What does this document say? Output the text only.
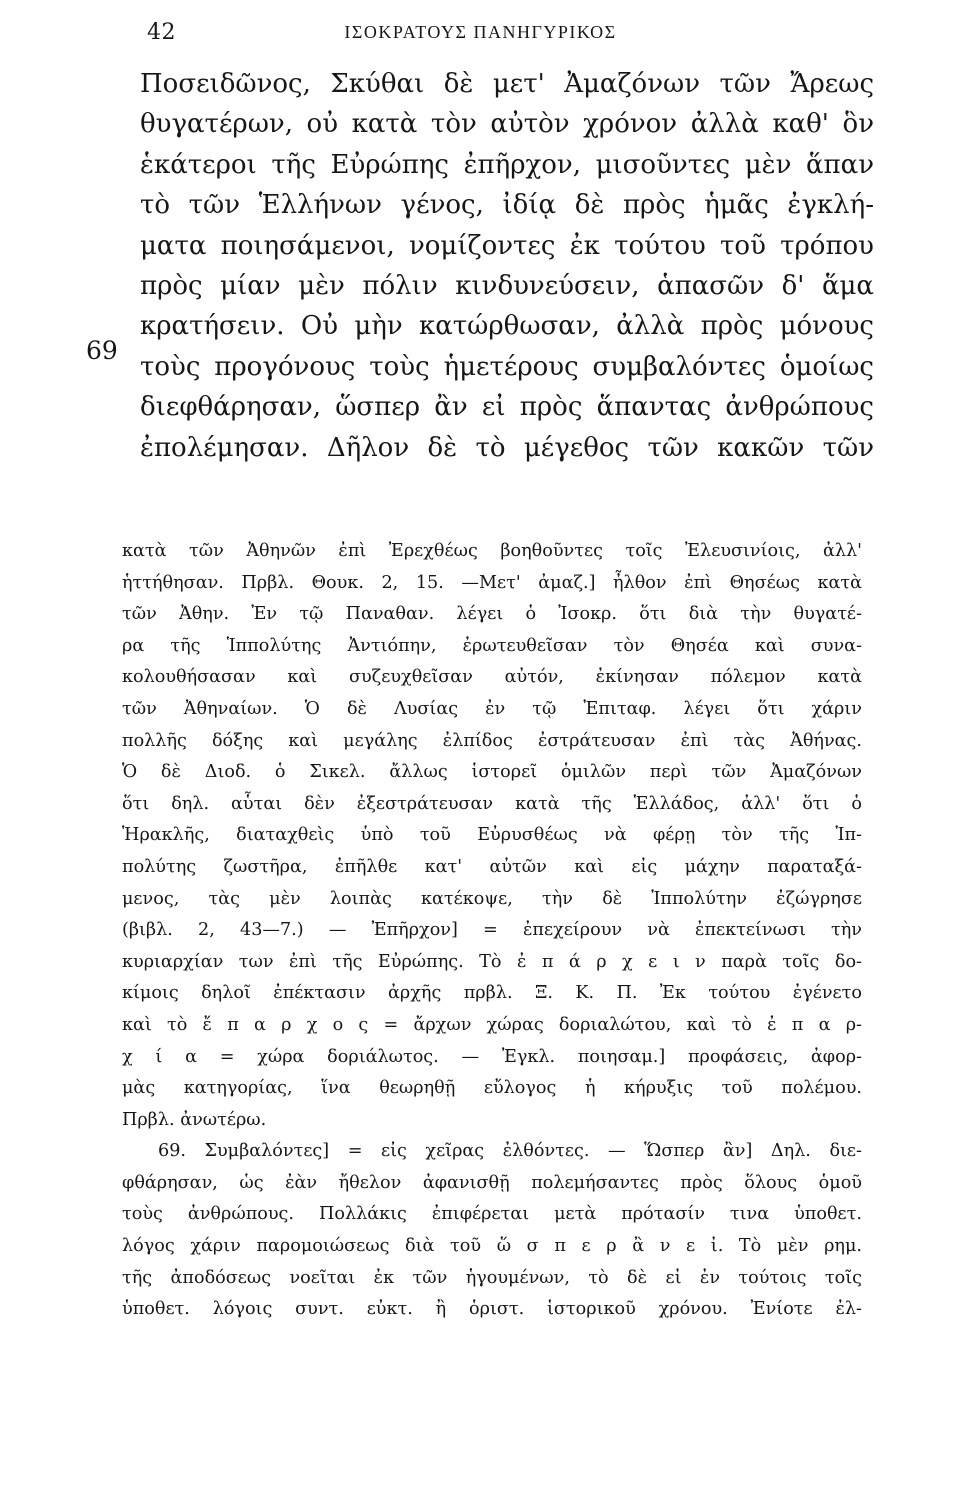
42	ΙΣΟΚΡΑΤΟΥΣ ΠΑΝΗΓΥΡΙΚΟΣ
Ποσειδῶνος, Σκύθαι δὲ μετ' Ἀμαζόνων τῶν Ἄρεως
θυγατέρων, οὐ κατὰ τὸν αὐτὸν χρόνον ἀλλὰ καθ' ὃν
ἑκάτεροι τῆς Εὐρώπης ἐπῆρχον, μισοῦντες μὲν ἅπαν
τὸ τῶν Ἑλλήνων γένος, ἰδίᾳ δὲ πρὸς ἡμᾶς ἐγκλή-
ματα ποιησάμενοι, νομίζοντες ἐκ τούτου τοῦ τρόπου
πρὸς μίαν μὲν πόλιν κινδυνεύσειν, ἁπασῶν δ' ἅμα
69
κρατήσειν. Οὐ μὴν κατώρθωσαν, ἀλλὰ πρὸς μόνους
τοὺς προγόνους τοὺς ἡμετέρους συμβαλόντες ὁμοίως
διεφθάρησαν, ὥσπερ ἂν εἰ πρὸς ἅπαντας ἀνθρώπους
ἐπολέμησαν. Δῆλον δὲ τὸ μέγεθος τῶν κακῶν τῶν
κατὰ τῶν Ἀθηνῶν ἐπὶ Ἐρεχθέως βοηθοῦντες τοῖς Ἐλευσινίοις, ἀλλ'
ἡττήθησαν. Πρβλ. Θουκ. 2, 15. —Μετ' ἀμαζ.] ἦλθον ἐπὶ Θησέως κατὰ
τῶν Ἀθην. Ἐν τῷ Παναθαν. λέγει ὁ Ἰσοκρ. ὅτι διὰ τὴν θυγατέ-
ρα τῆς Ἱππολύτης Ἀντιόπην, ἐρωτευθεῖσαν τὸν Θησέα καὶ συνα-
κολουθήσασαν καὶ συζευχθεῖσαν αὐτόν, ἐκίνησαν πόλεμον κατὰ
τῶν Ἀθηναίων. Ὁ δὲ Λυσίας ἐν τῷ Ἐπιταφ. λέγει ὅτι χάριν
πολλῆς δόξης καὶ μεγάλης ἐλπίδος ἐστράτευσαν ἐπὶ τὰς Ἀθήνας.
Ὁ δὲ Διοδ. ὁ Σικελ. ἄλλως ἱστορεῖ ὁμιλῶν περὶ τῶν Ἀμαζόνων
ὅτι δηλ. αὗται δὲν ἐξεστράτευσαν κατὰ τῆς Ἑλλάδος, ἀλλ' ὅτι ὁ
Ἡρακλῆς, διαταχθεὶς ὑπὸ τοῦ Εὐρυσθέως νὰ φέρῃ τὸν τῆς Ἱπ-
πολύτης ζωστῆρα, ἐπῆλθε κατ' αὐτῶν καὶ εἰς μάχην παραταξά-
μενος, τὰς μὲν λοιπὰς κατέκοψε, τὴν δὲ Ἱππολύτην ἐζώγρησε
(βιβλ. 2, 43—7.) — Ἐπῆρχον] = ἐπεχείρουν νὰ ἐπεκτείνωσι τὴν
κυριαρχίαν των ἐπὶ τῆς Εὐρώπης. Τὸ ἐ π ά ρ χ ε ι ν παρὰ τοῖς δο-
κίμοις δηλοῖ ἐπέκτασιν ἀρχῆς πρβλ. Ξ. Κ. Π. Ἐκ τούτου ἐγένετο
καὶ τὸ ἔ π α ρ χ ο ς = ἄρχων χώρας δοριαλώτου, καὶ τὸ ἐ π α ρ-
χ ί α = χώρα δοριάλωτος. — Ἐγκλ. ποιησαμ.] προφάσεις, ἀφορ-
μὰς κατηγορίας, ἵνα θεωρηθῇ εὔλογος ἡ κήρυξις τοῦ πολέμου.
Πρβλ. ἀνωτέρω.
69. Συμβαλόντες] = εἰς χεῖρας ἐλθόντες. — Ὥσπερ ἂν] Δηλ. διε-
φθάρησαν, ὡς ἐὰν ἤθελον ἀφανισθῇ πολεμήσαντες πρὸς ὅλους ὁμοῦ
τοὺς ἀνθρώπους. Πολλάκις ἐπιφέρεται μετὰ πρότασίν τινα ὑποθετ.
λόγος χάριν παρομοιώσεως διὰ τοῦ ὥ σ π ε ρ ἂ ν ε ἰ. Τὸ μὲν ρημ.
τῆς ἀποδόσεως νοεῖται ἐκ τῶν ἡγουμένων, τὸ δὲ εἰ ἐν τούτοις τοῖς
ὑποθετ. λόγοις συντ. εὐκτ. ἢ ὁριστ. ἱστορικοῦ χρόνου. Ἐνίοτε ἐλ-
